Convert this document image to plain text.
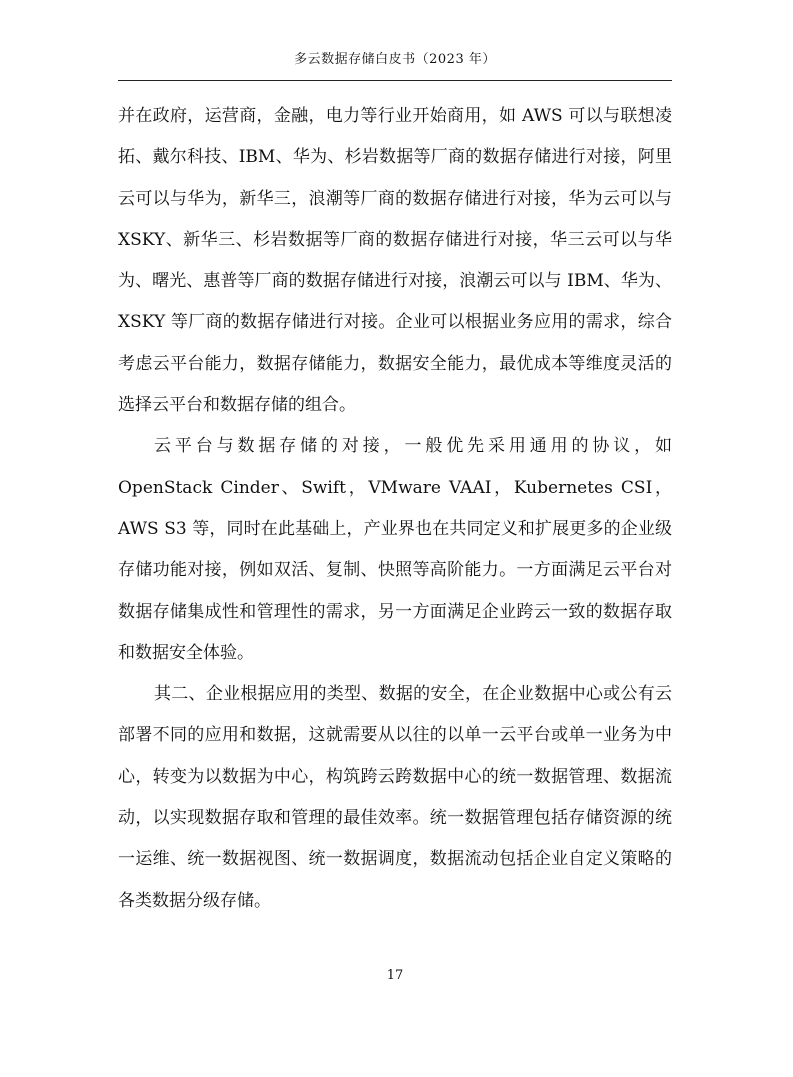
多云数据存储白皮书（2023 年）

并在政府，运营商，金融，电力等行业开始商用，如 AWS 可以与联想凌拓、戴尔科技、IBM、华为、杉岩数据等厂商的数据存储进行对接，阿里云可以与华为，新华三，浪潮等厂商的数据存储进行对接，华为云可以与 XSKY、新华三、杉岩数据等厂商的数据存储进行对接，华三云可以与华为、曙光、惠普等厂商的数据存储进行对接，浪潮云可以与 IBM、华为、XSKY 等厂商的数据存储进行对接。企业可以根据业务应用的需求，综合考虑云平台能力，数据存储能力，数据安全能力，最优成本等维度灵活的选择云平台和数据存储的组合。

云平台与数据存储的对接，一般优先采用通用的协议，如 OpenStack Cinder、Swift，VMware VAAI，Kubernetes CSI，AWS S3 等，同时在此基础上，产业界也在共同定义和扩展更多的企业级存储功能对接，例如双活、复制、快照等高阶能力。一方面满足云平台对数据存储集成性和管理性的需求，另一方面满足企业跨云一致的数据存取和数据安全体验。

其二、企业根据应用的类型、数据的安全，在企业数据中心或公有云部署不同的应用和数据，这就需要从以往的以单一云平台或单一业务为中心，转变为以数据为中心，构筑跨云跨数据中心的统一数据管理、数据流动，以实现数据存取和管理的最佳效率。统一数据管理包括存储资源的统一运维、统一数据视图、统一数据调度，数据流动包括企业自定义策略的各类数据分级存储。

17
